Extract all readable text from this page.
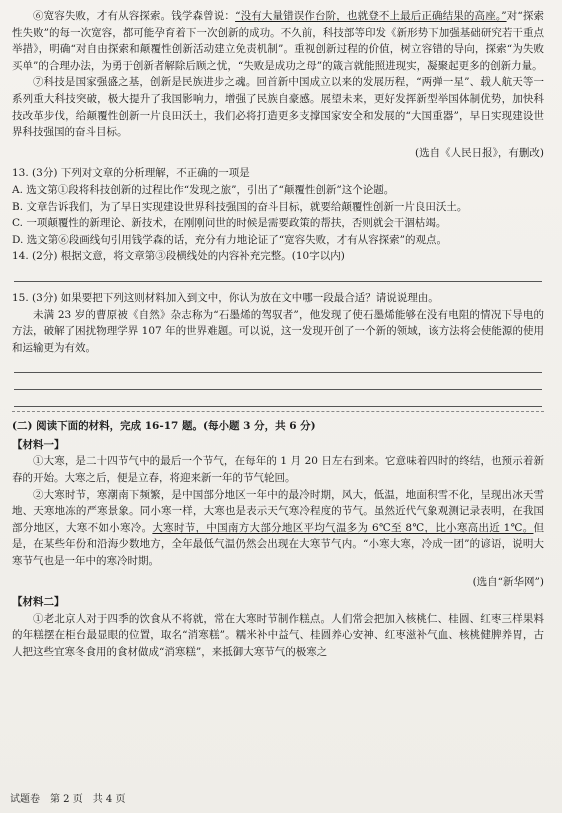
⑥宽容失败，才有从容探索。钱学森曾说：“没有大量错误作台阶，也就登不上最后正确结果的高座。”对“探索性失败”的每一次宽容，都可能孕育着下一次创新的成功。不久前，科技部等印发《新形势下加强基础研究若干重点举措》，明确“对自由探索和颠覆性创新活动建立免责机制”。重视创新过程的价值，树立容错的导向，探索“为失败买单”的合理办法，为勇于创新者解除后顾之忧，“失败是成功之母”的箴言就能照进现实，凝聚起更多的创新力量。

⑦科技是国家强盛之基，创新是民族进步之魂。回首新中国成立以来的发展历程，“两弹一星”、载人航天等一系列重大科技突破，极大提升了我国影响力，增强了民族自豪感。展望未来，更好发挥新型举国体制优势，加快科技改革步伐，给颠覆性创新一片良田沃土，我们必将打造更多支撑国家安全和发展的“大国重器”，早日实现建设世界科技强国的奋斗目标。

(选自《人民日报》，有删改)

13. (3分) 下列对文章的分析理解，不正确的一项是

A. 选文第①段将科技创新的过程比作“发现之旅”，引出了“颠覆性创新”这个论题。

B. 文章告诉我们，为了早日实现建设世界科技强国的奋斗目标，就要给颠覆性创新一片良田沃土。

C. 一项颠覆性的新理论、新技术，在刚刚问世的时候是需要政策的帮扶，否则就会干涸枯竭。

D. 选文第⑥段画线句引用钱学森的话，充分有力地论证了“宽容失败，才有从容探索”的观点。

14. (2分) 根据文意，将文章第③段横线处的内容补充完整。(10字以内)

15. (3分) 如果要把下列这则材料加入到文中，你认为放在文中哪一段最合适？请说说理由。

未满 23 岁的曹原被《自然》杂志称为“石墨烯的驾驭者”，他发现了使石墨烯能够在没有电阻的情况下导电的方法，破解了困扰物理学界 107 年的世界难题。可以说，这一发现开创了一个新的领域，该方法将会使能源的使用和运输更为有效。

(二) 阅读下面的材料，完成 16-17 题。(每小题 3 分，共 6 分)

【材料一】

①大寒，是二十四节气中的最后一个节气，在每年的 1 月 20 日左右到来。它意味着四时的终结，也预示着新春的开始。大寒之后，便是立春，将迎来新一年的节气轮回。

②大寒时节，寒潮南下频繁，是中国部分地区一年中的最冷时期，风大，低温，地面积雪不化，呈现出冰天雪地、天寒地冻的严寒景象。同小寒一样，大寒也是表示天气寒冷程度的节气。虽然近代气象观测记录表明，在我国部分地区，大寒不如小寒冷。大寒时节，中国南方大部分地区平均气温多为 6℃至 8℃，比小寒高出近 1℃。但是，在某些年份和沿海少数地方，全年最低气温仍然会出现在大寒节气内。“小寒大寒，冷成一团”的谚语，说明大寒节气也是一年中的寒冷时期。

(选自“新华网”)

【材料二】

①老北京人对于四季的饮食从不将就，常在大寒时节制作糕点。人们常会把加入核桃仁、桂圆、红枣三样果料的年糕摆在柜台最显眼的位置，取名“消寒糕”。糯米补中益气、桂圆养心安神、红枣滋补气血、核桃健脾养胃，古人把这些宜寒冬食用的食材做成“消寒糕”，来抵御大寒节气的极寒之

试题卷　第 2 页　共 4 页
